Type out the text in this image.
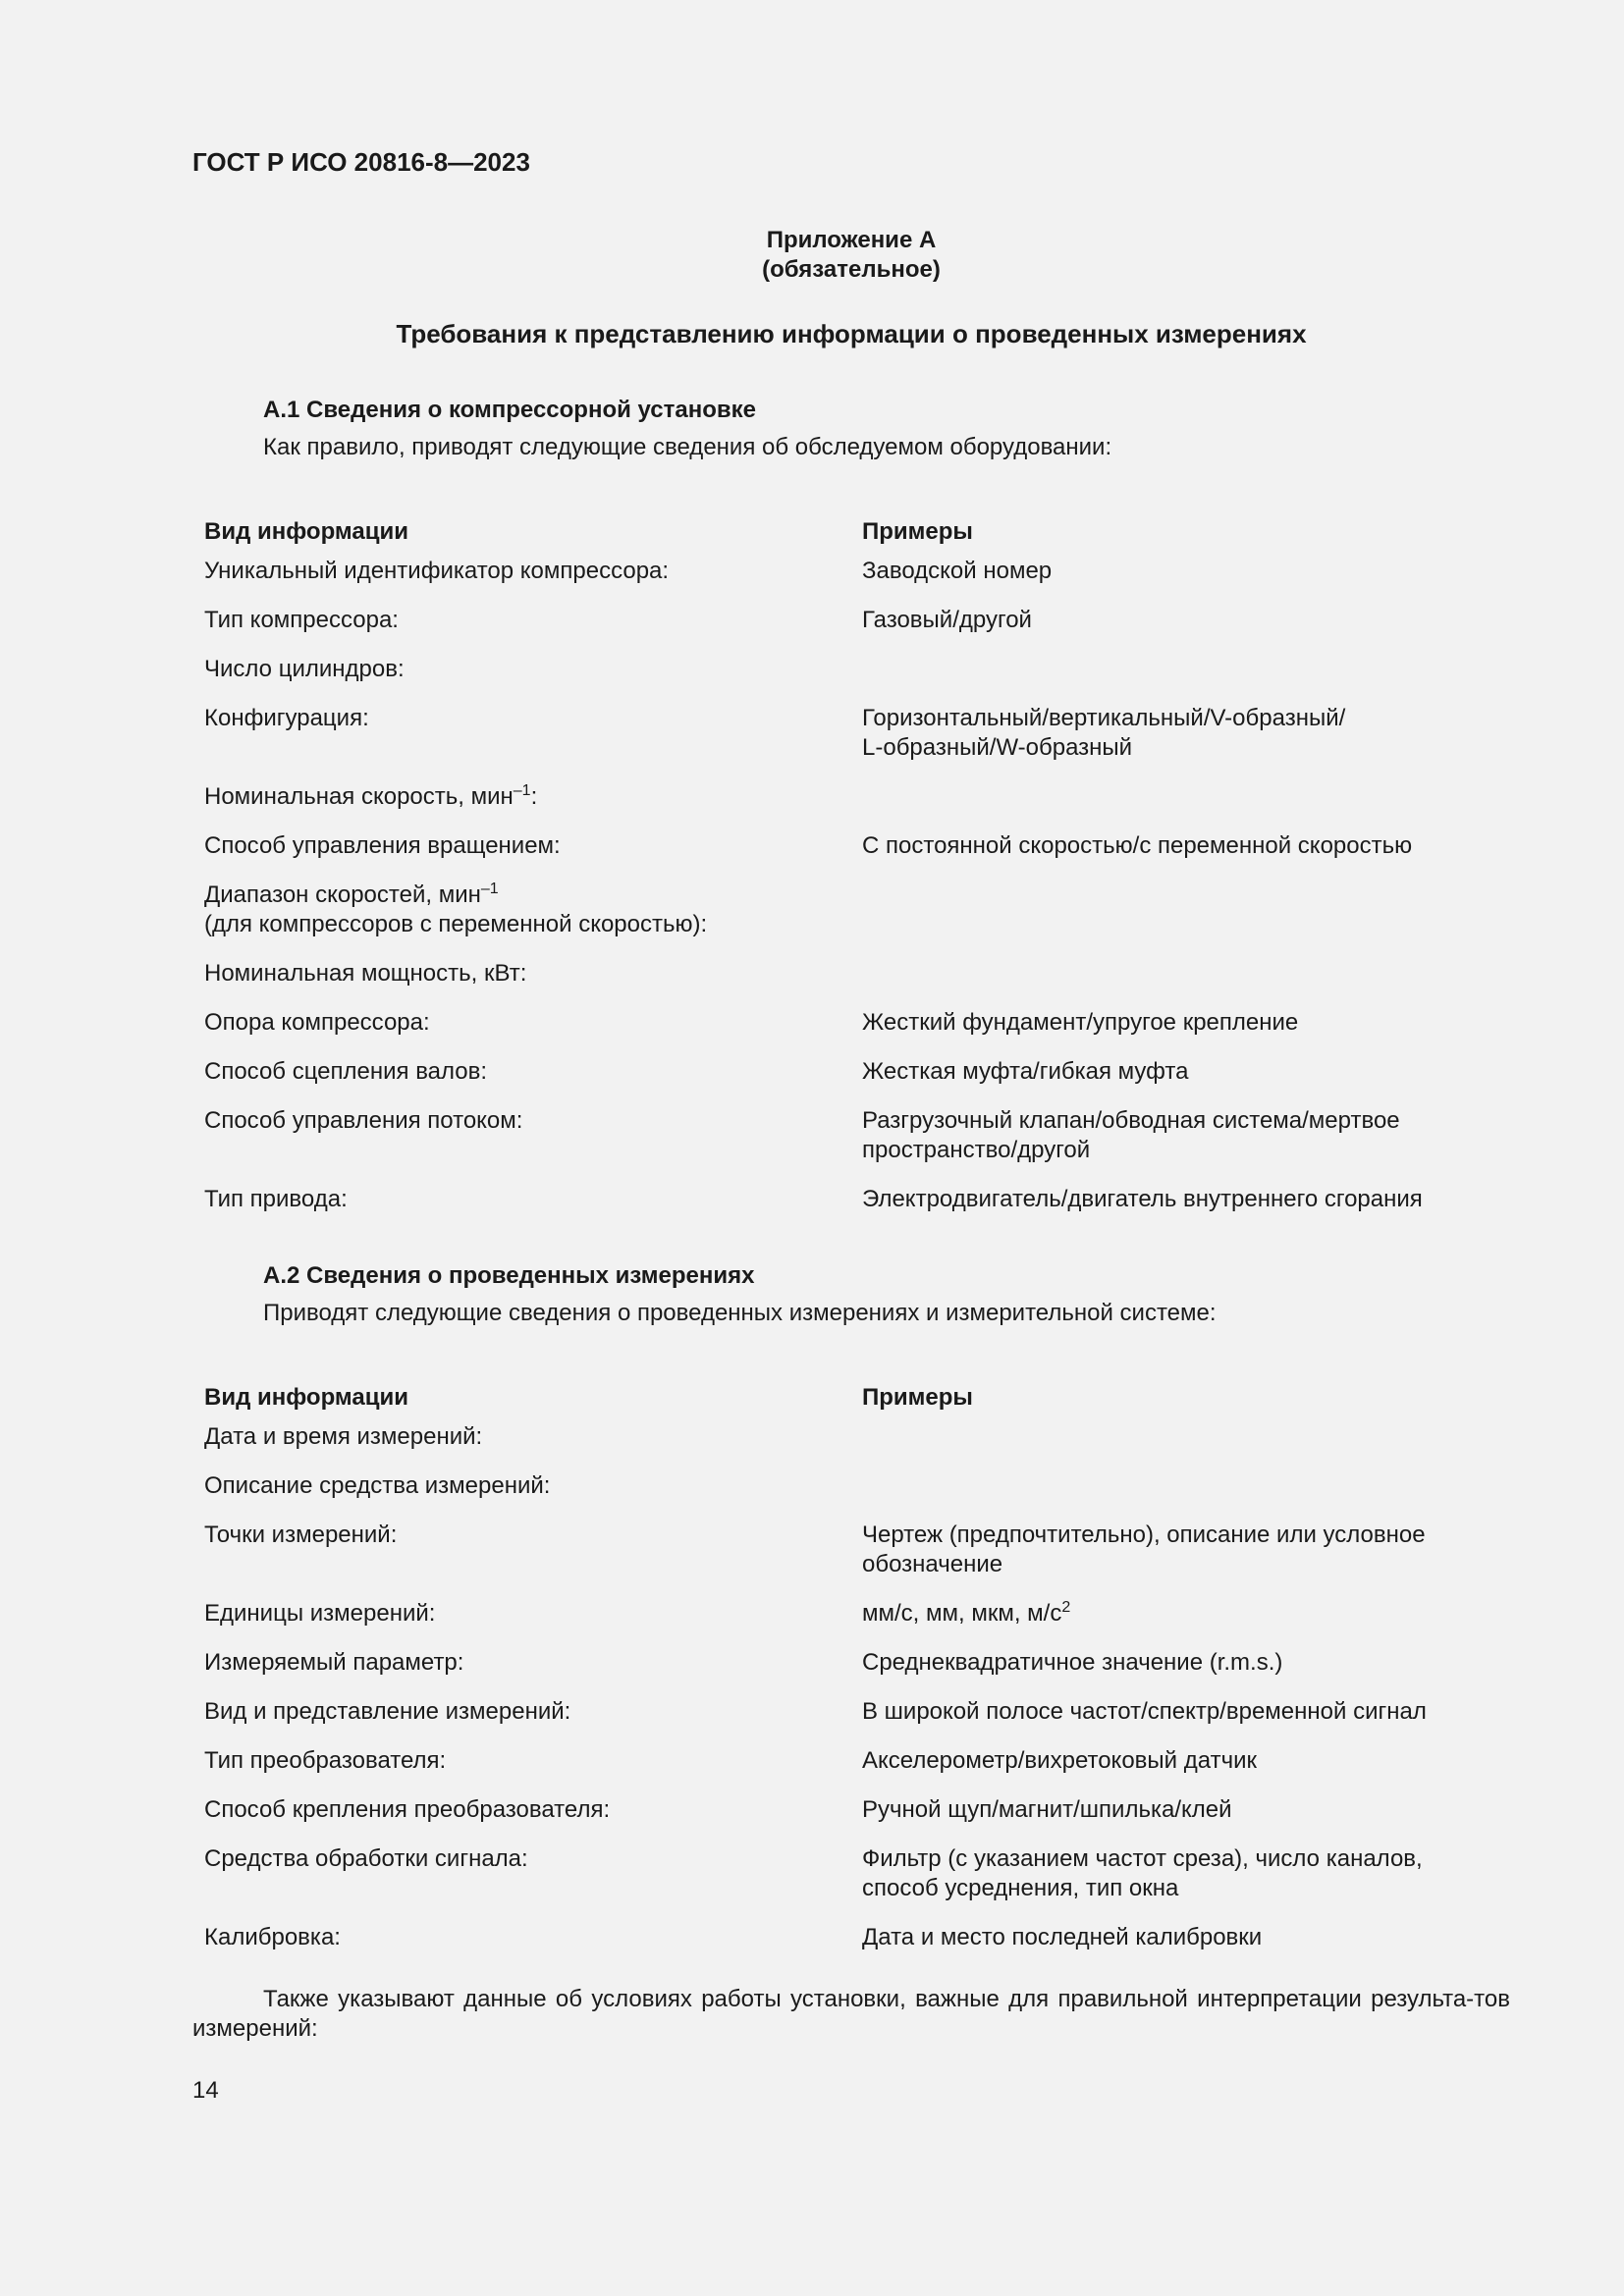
ГОСТ Р ИСО 20816-8—2023
Приложение А
(обязательное)
Требования к представлению информации о проведенных измерениях
А.1 Сведения о компрессорной установке
Как правило, приводят следующие сведения об обследуемом оборудовании:
Вид информации	Примеры
Уникальный идентификатор компрессора:	Заводской номер
Тип компрессора:	Газовый/другой
Число цилиндров:	
Конфигурация:	Горизонтальный/вертикальный/V-образный/
L-образный/W-образный

Номинальная скорость, мин$^{-1}$:	
Способ управления вращением:	С постоянной скоростью/с переменной скоростью

Диапазон скоростей, мин$^{-1}$
(для компрессоров с переменной скоростью):	

Номинальная мощность, кВт:	
Опора компрессора:	Жесткий фундамент/упругое крепление
Способ сцепления валов:	Жесткая муфта/гибкая муфта
Способ управления потоком:	Разгрузочный клапан/обводная система/мертвое
пространство/другой

Тип привода:	Электродвигатель/двигатель внутреннего сгорания
А.2 Сведения о проведенных измерениях
Приводят следующие сведения о проведенных измерениях и измерительной системе:
Вид информации	Примеры
Дата и время измерений:	
Описание средства измерений:	
Точки измерений:	Чертеж (предпочтительно), описание или условное
обозначение

Единицы измерений:	мм/с, мм, мкм, $м/с^2$
Измеряемый параметр:	Среднеквадратичное значение (r.m.s.)
Вид и представление измерений:	В широкой полосе частот/спектр/временной сигнал
Тип преобразователя:	Акселерометр/вихретоковый датчик
Способ крепления преобразователя:	Ручной щуп/магнит/шпилька/клей
Средства обработки сигнала:	Фильтр (с указанием частот среза), число каналов,
способ усреднения, тип окна

Калибровка:	Дата и место последней калибровки
Также указывают данные об условиях работы установки, важные для правильной интерпретации результа-тов измерений:
14
